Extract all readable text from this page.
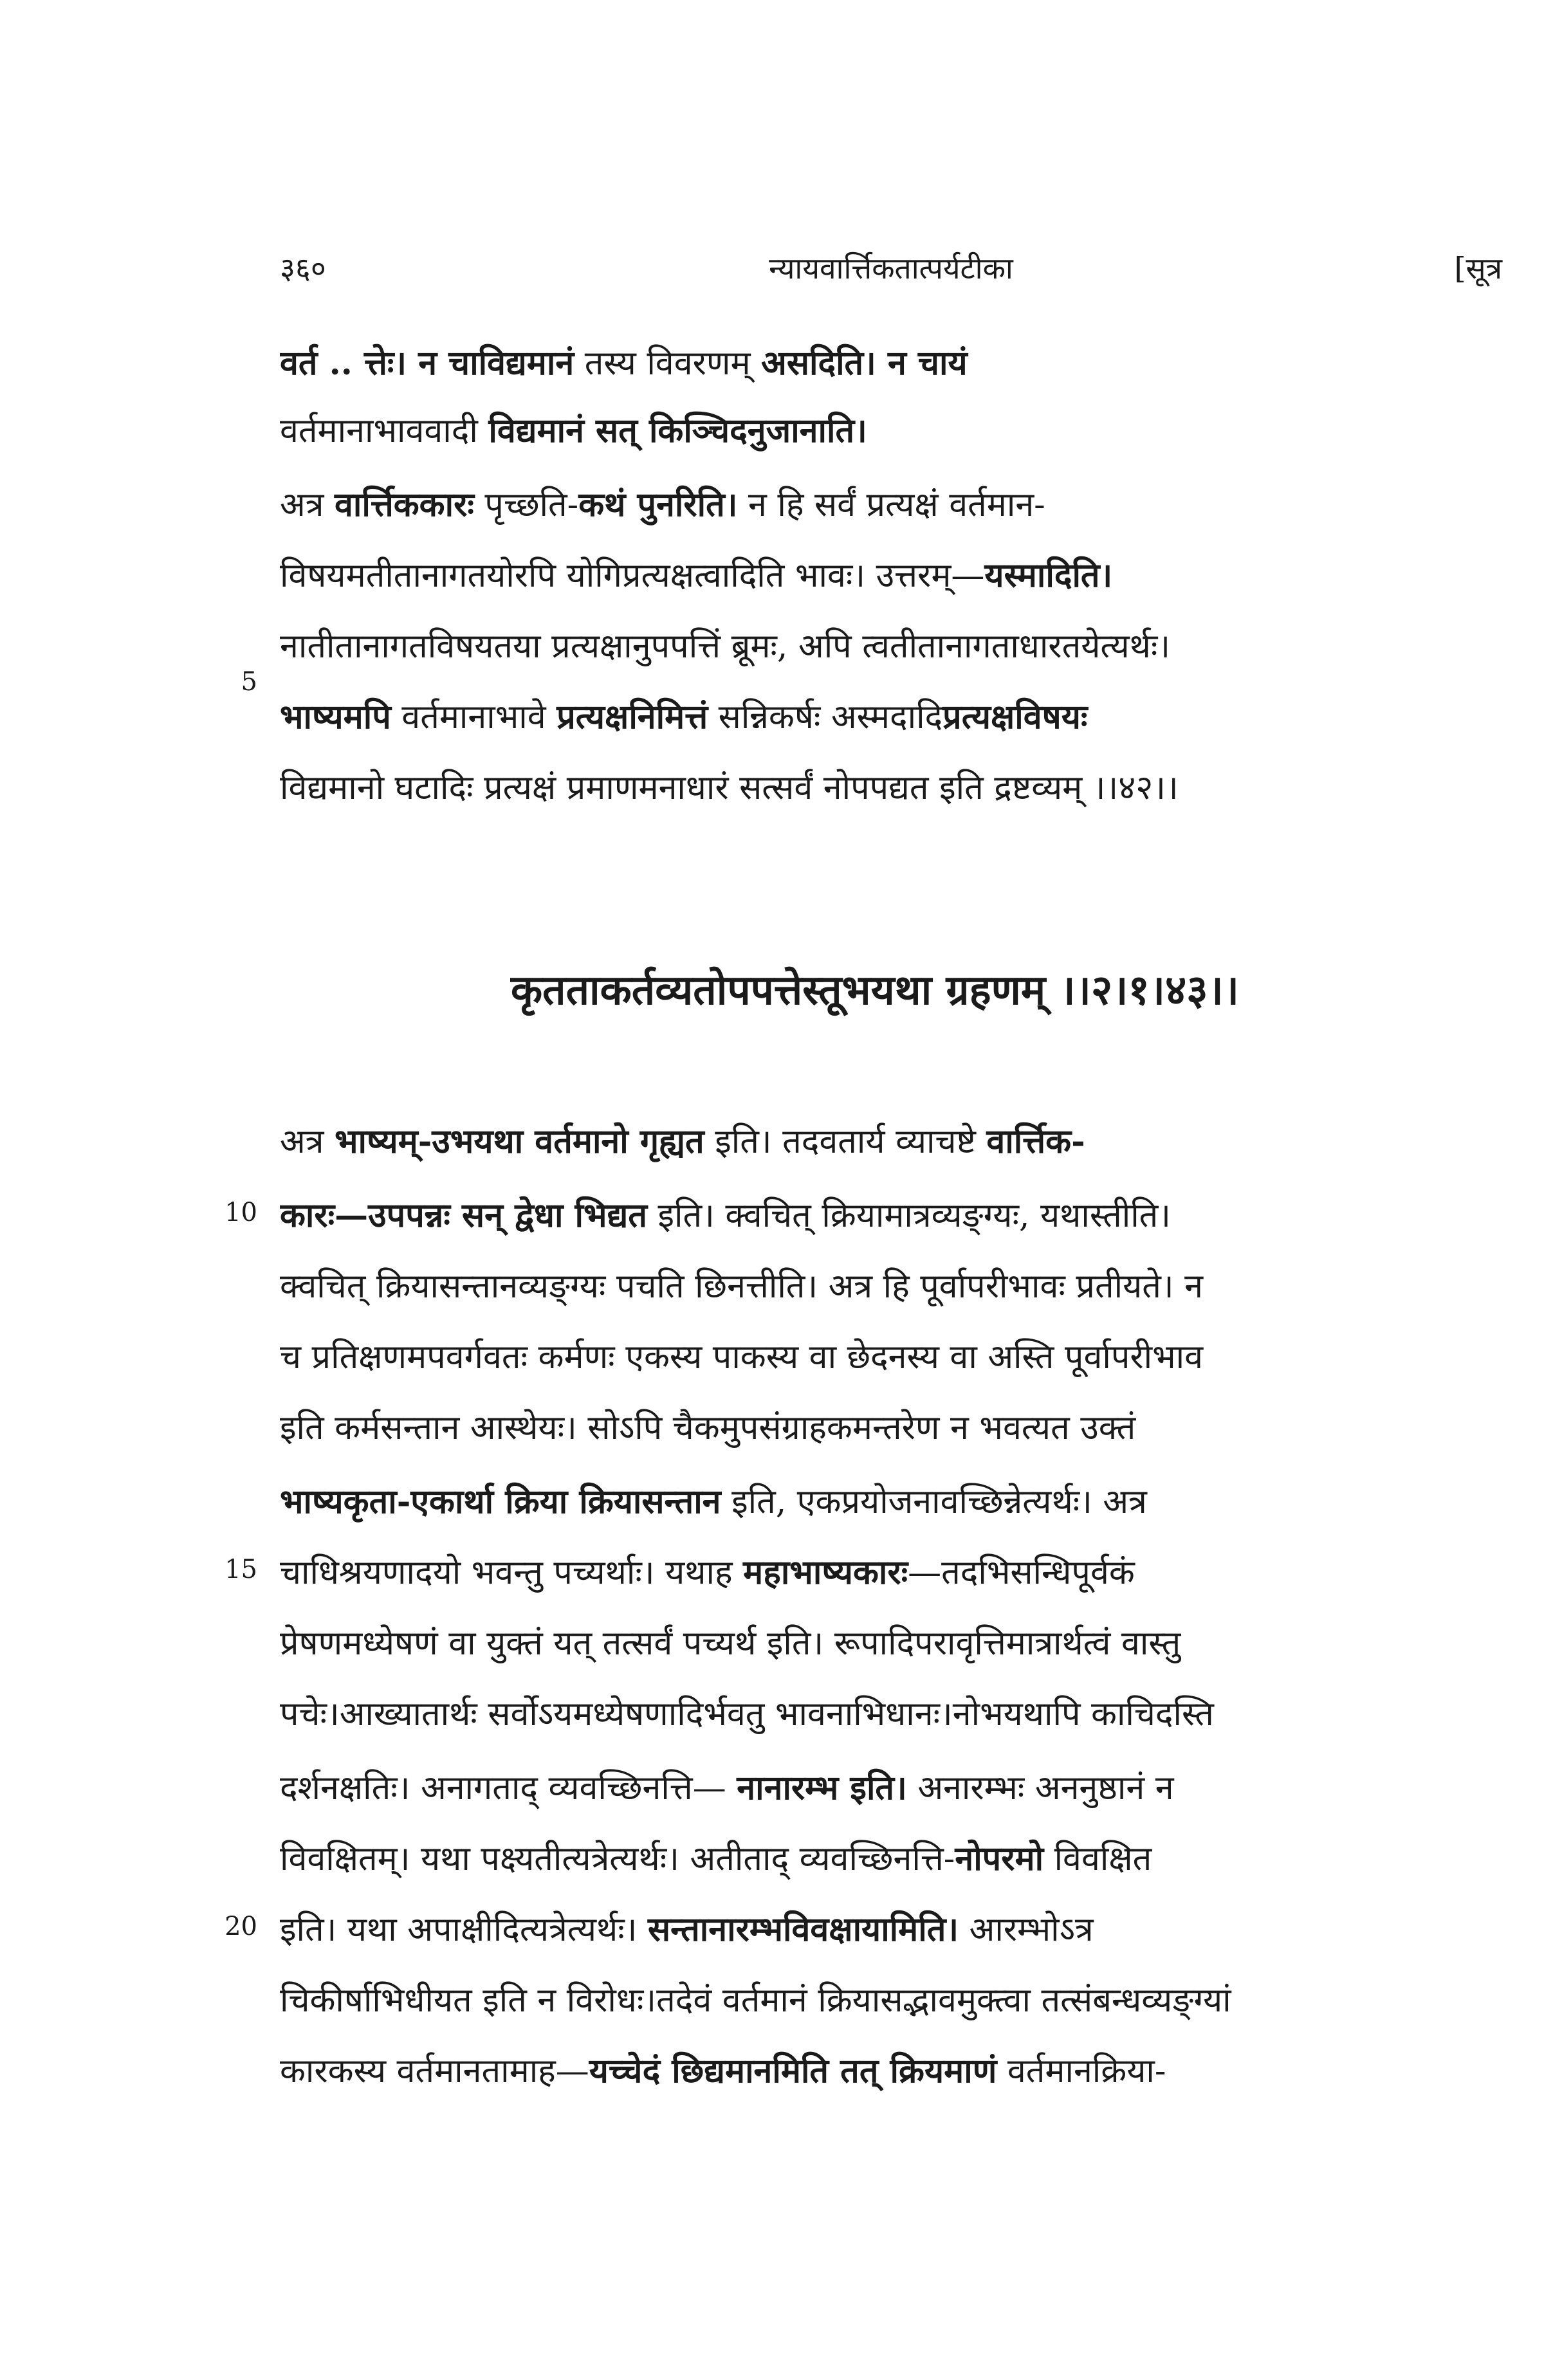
३६०	न्यायवार्त्तिकतात्पर्यटीका	[सूत्र
वर्त .. त्तेः। न चाविद्यमानं तस्य विवरणम् असदिति। न चायं
वर्तमानाभाववादी विद्यमानं सत् किञ्चिदनुजानाति।
अत्र वार्त्तिककारः पृच्छति-कथं पुनरिति। न हि सर्वं प्रत्यक्षं वर्तमान-
विषयमतीतानागतयोरपि योगिप्रत्यक्षत्वादिति भावः। उत्तरम्—यस्मादिति।
नातीतानागतविषयतया प्रत्यक्षानुपपत्तिं ब्रूमः, अपि त्वतीतानागताधारतयेत्यर्थः।
भाष्यमपि वर्तमानाभावे प्रत्यक्षनिमित्तं सन्निकर्षः अस्मदादिप्रत्यक्षविषयः
विद्यमानो घटादिः प्रत्यक्षं प्रमाणमनाधारं सत्सर्वं नोपपद्यत इति द्रष्टव्यम् ।।४२।।
कृतताकर्तव्यतोपपत्तेस्तूभयथा ग्रहणम् ।।२।१।४३।।
अत्र भाष्यम्-उभयथा वर्तमानो गृह्यत इति। तदवतार्य व्याचष्टे वार्त्तिक-
कारः—उपपन्नः सन् द्वेधा भिद्यत इति। क्वचित् क्रियामात्रव्यङ्ग्यः, यथास्तीति।
क्वचित् क्रियासन्तानव्यङ्ग्यः पचति छिनत्तीति। अत्र हि पूर्वापरीभावः प्रतीयते। न
च प्रतिक्षणमपवर्गवतः कर्मणः एकस्य पाकस्य वा छेदनस्य वा अस्ति पूर्वापरीभाव
इति कर्मसन्तान आस्थेयः। सोऽपि चैकमुपसंग्राहकमन्तरेण न भवत्यत उक्तं
भाष्यकृता-एकार्था क्रिया क्रियासन्तान इति, एकप्रयोजनावच्छिन्नेत्यर्थः। अत्र
चाधिश्रयणादयो भवन्तु पच्यर्थाः। यथाह महाभाष्यकारः—तदभिसन्धिपूर्वकं
प्रेषणमध्येषणं वा युक्तं यत् तत्सर्वं पच्यर्थ इति। रूपादिपरावृत्तिमात्रार्थत्वं वास्तु
पचेः।आख्यातार्थः सर्वोऽयमध्येषणादिर्भवतु भावनाभिधानः।नोभयथापि काचिदस्ति
दर्शनक्षतिः। अनागताद् व्यवच्छिनत्ति— नानारम्भ इति। अनारम्भः अननुष्ठानं न
विवक्षितम्। यथा पक्ष्यतीत्यत्रेत्यर्थः। अतीताद् व्यवच्छिनत्ति-नोपरमो विवक्षित
इति। यथा अपाक्षीदित्यत्रेत्यर्थः। सन्तानारम्भविवक्षायामिति। आरम्भोऽत्र
चिकीर्षाभिधीयत इति न विरोधः।तदेवं वर्तमानं क्रियासद्भावमुक्त्वा तत्संबन्धव्यङ्ग्यां
कारकस्य वर्तमानतामाह—यच्चेदं छिद्यमानमिति तत् क्रियमाणं वर्तमानक्रिया-
5
10
15
20
